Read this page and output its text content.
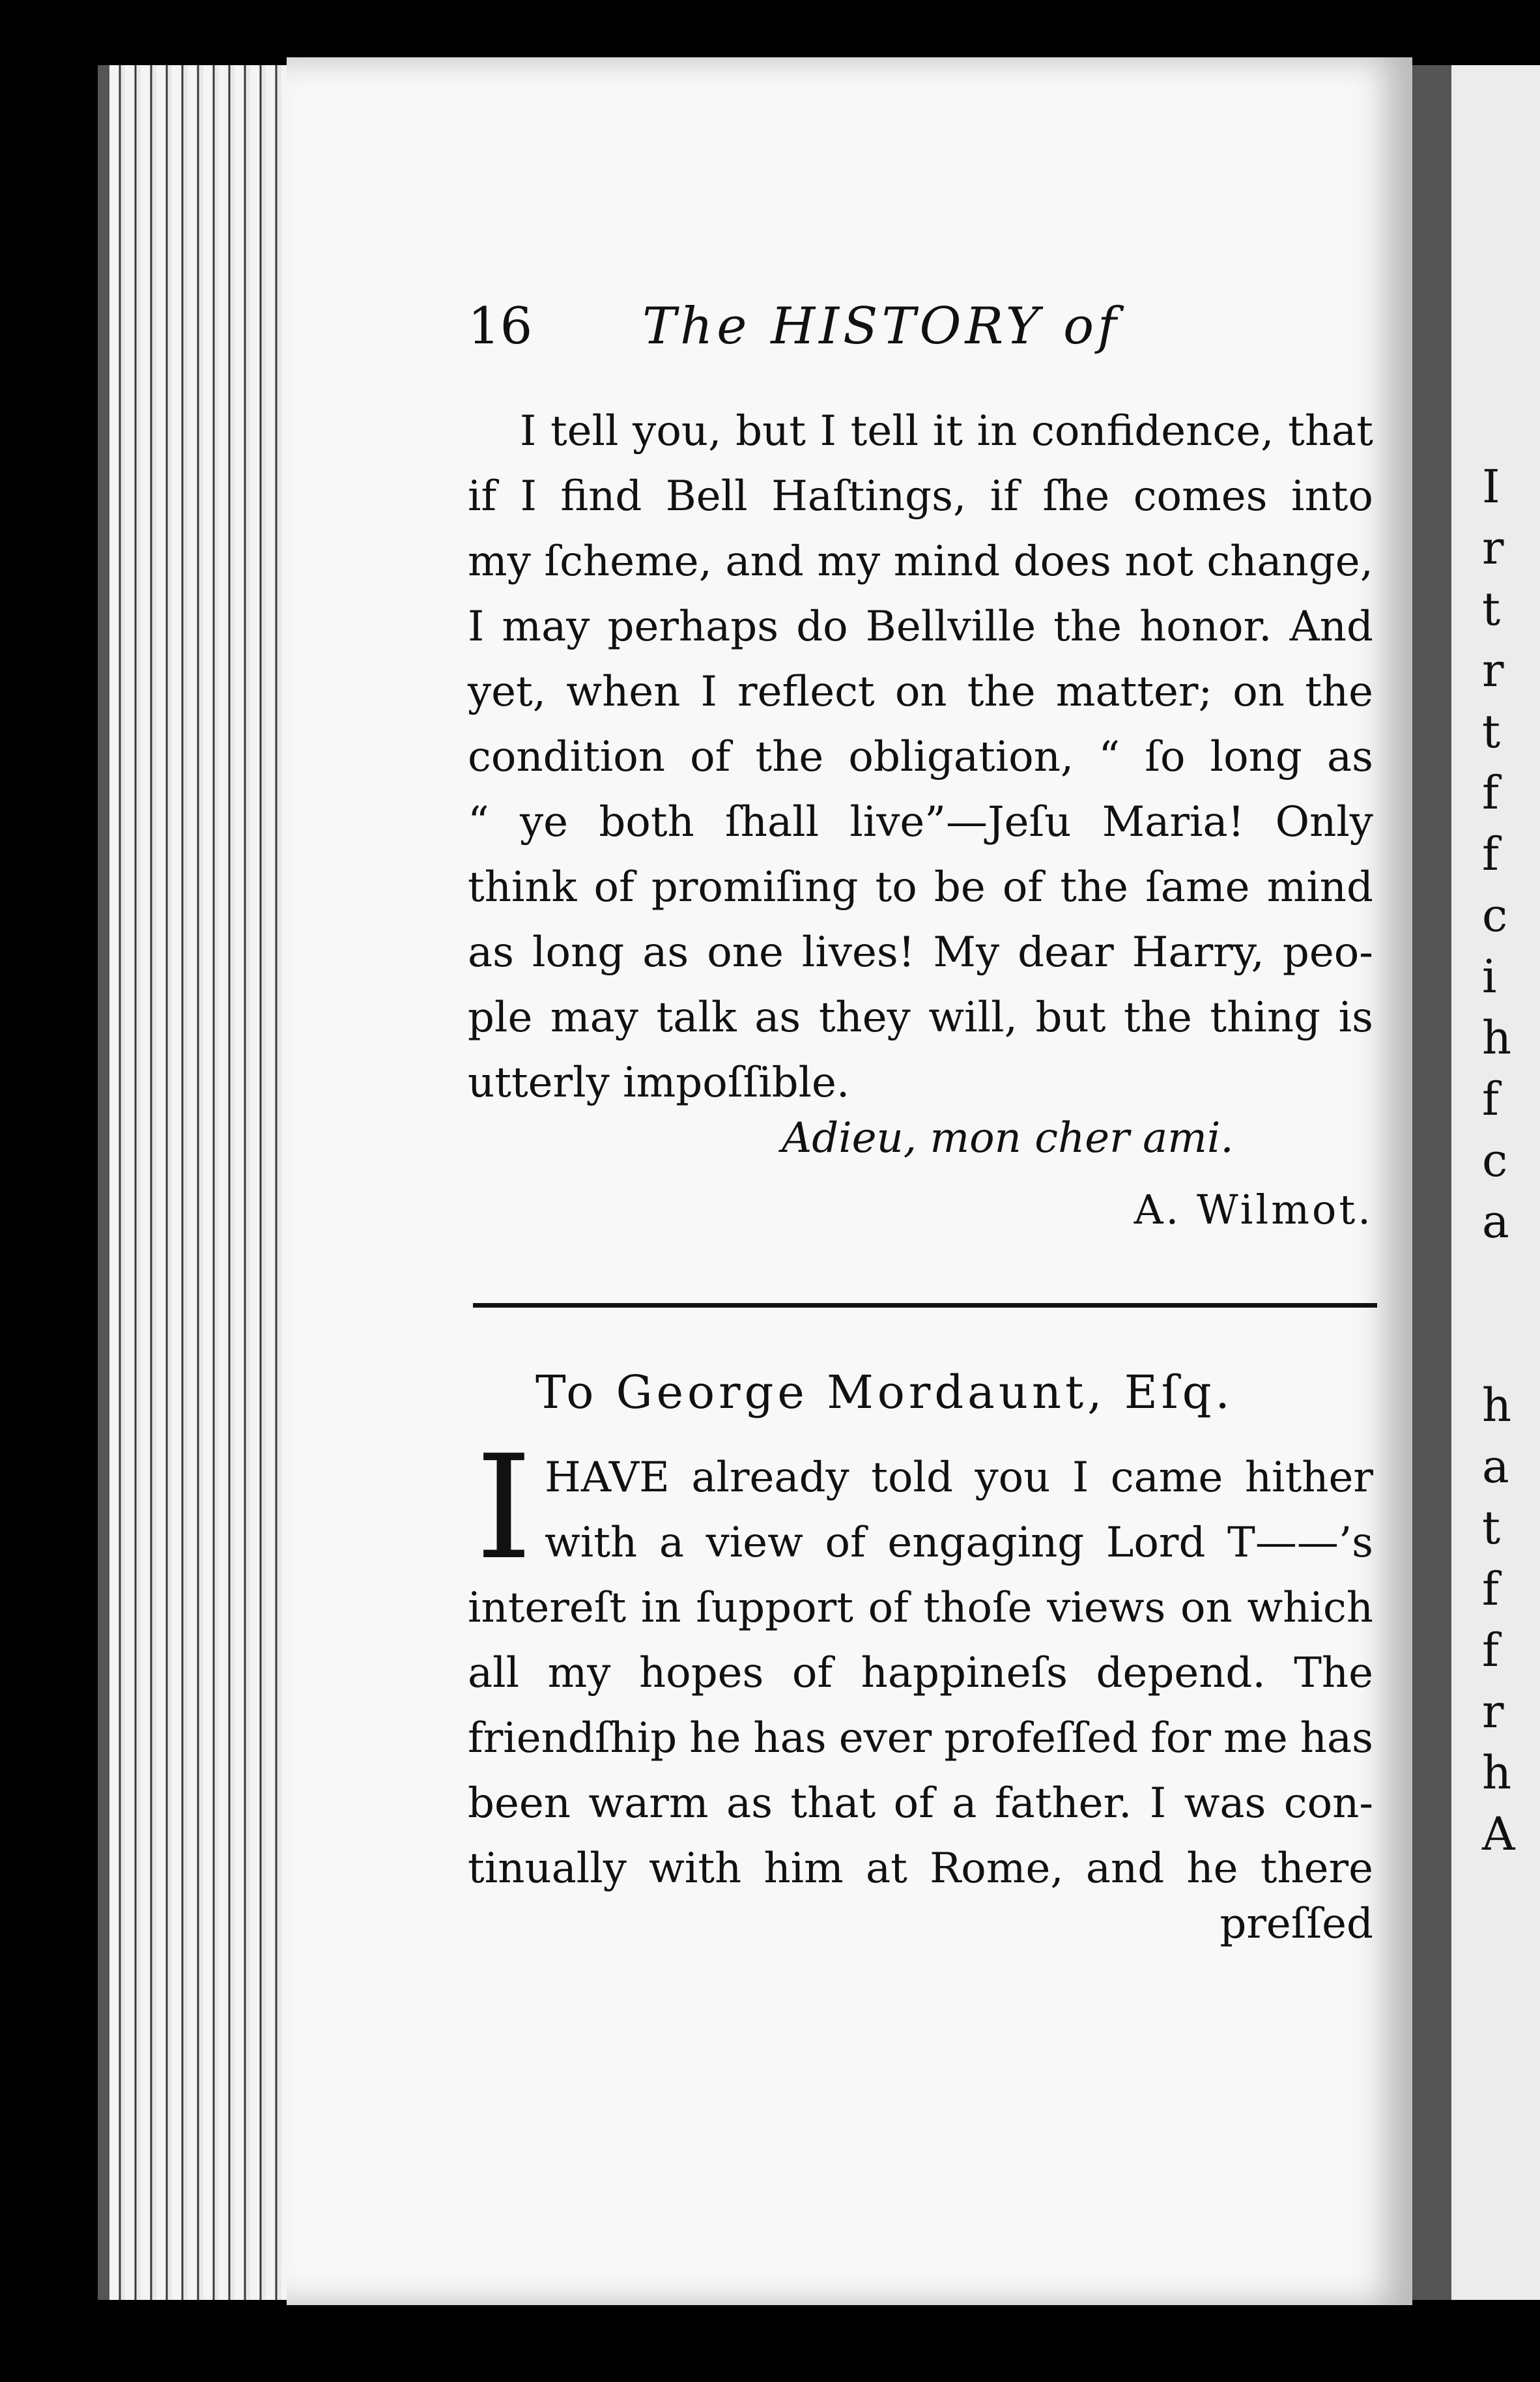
I
r
t
r
t
f
f
c
i
h
f
c
a
h
a
t
f
f
r
h
A
16 The HISTORY of
I tell you, but I tell it in confidence, that
if I find Bell Haſtings, if ſhe comes into
my ſcheme, and my mind does not change,
I may perhaps do Bellville the honor. And
yet, when I reflect on the matter; on the
condition of the obligation, “ ſo long as
“ ye both ſhall live”—Jeſu Maria! Only
think of promiſing to be of the ſame mind
as long as one lives! My dear Harry, peo-
ple may talk as they will, but the thing is
utterly impoſſible.
Adieu, mon cher ami.
A. Wilmot.
To George Mordaunt, Eſq.
I HAVE already told you I came hither
with a view of engaging Lord T——’s
intereſt in ſupport of thoſe views on which
all my hopes of happineſs depend. The
friendſhip he has ever profeſſed for me has
been warm as that of a father. I was con-
tinually with him at Rome, and he there
preſſed
